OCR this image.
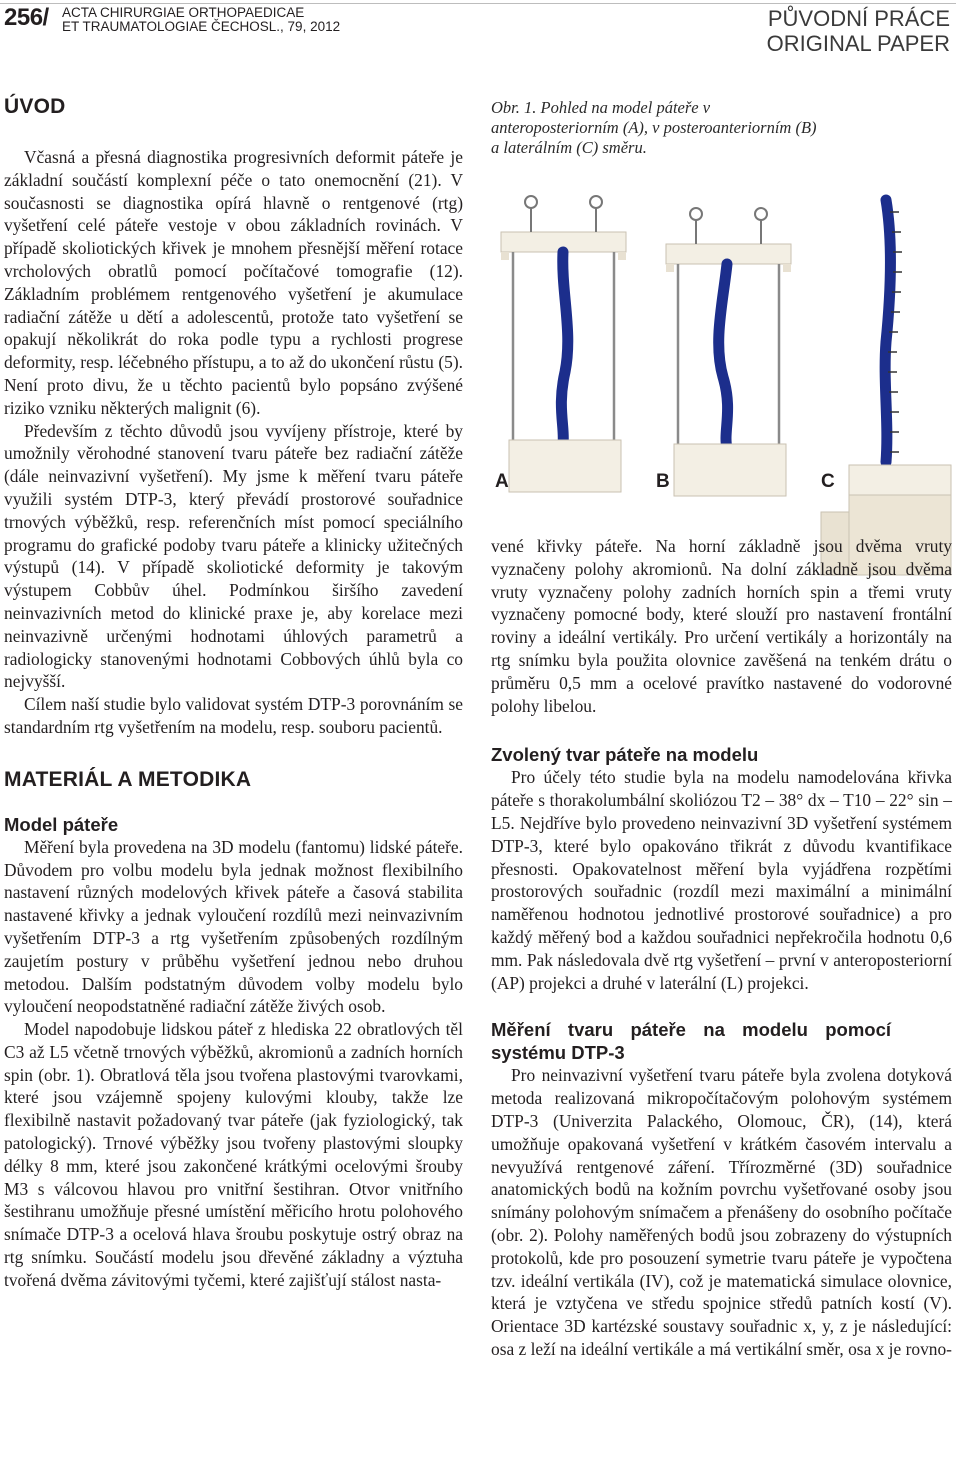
256/ ACTA CHIRURGIAE ORTHOPAEDICAE
ET TRAUMATOLOGIAE ČECHOSL., 79, 2012	PŮVODNÍ PRÁCE
ORIGINAL PAPER
ÚVOD

Včasná a přesná diagnostika progresivních deformit páteře je základní součástí komplexní péče o tato onemocnění (21). V současnosti se diagnostika opírá hlavně o rentgenové (rtg) vyšetření celé páteře vestoje v obou základních rovinách. V případě skoliotických křivek je mnohem přesnější měření rotace vrcholových obratlů pomocí počítačové tomografie (12). Základním problémem rentgenového vyšetření je akumulace radiační zátěže u dětí a adolescentů, protože tato vyšetření se opakují několikrát do roka podle typu a rychlosti progrese deformity, resp. léčebného přístupu, a to až do ukončení růstu (5). Není proto divu, že u těchto pacientů bylo popsáno zvýšené riziko vzniku některých malignit (6).

Především z těchto důvodů jsou vyvíjeny přístroje, které by umožnily věrohodné stanovení tvaru páteře bez radiační zátěže (dále neinvazivní vyšetření). My jsme k měření tvaru páteře využili systém DTP-3, který převádí prostorové souřadnice trnových výběžků, resp. referenčních míst pomocí speciálního programu do grafické podoby tvaru páteře a klinicky užitečných výstupů (14). V případě skoliotické deformity je takovým výstupem Cobbův úhel. Podmínkou širšího zavedení neinvazivních metod do klinické praxe je, aby korelace mezi neinvazivně určenými hodnotami úhlových parametrů a radiologicky stanovenými hodnotami Cobbových úhlů byla co nejvyšší.

Cílem naší studie bylo validovat systém DTP-3 porovnáním se standardním rtg vyšetřením na modelu, resp. souboru pacientů.

MATERIÁL A METODIKA
Model páteře

Měření byla provedena na 3D modelu (fantomu) lidské páteře. Důvodem pro volbu modelu byla jednak možnost flexibilního nastavení různých modelových křivek páteře a časová stabilita nastavené křivky a jednak vyloučení rozdílů mezi neinvazivním vyšetřením DTP-3 a rtg vyšetřením způsobených rozdílným zaujetím postury v průběhu vyšetření jednou nebo druhou metodou. Dalším podstatným důvodem volby modelu bylo vyloučení neopodstatněné radiační zátěže živých osob.

Model napodobuje lidskou páteř z hlediska 22 obratlových těl C3 až L5 včetně trnových výběžků, akromionů a zadních horních spin (obr. 1). Obratlová těla jsou tvořena plastovými tvarovkami, které jsou vzájemně spojeny kulovými klouby, takže lze flexibilně nastavit požadovaný tvar páteře (jak fyziologický, tak patologický). Trnové výběžky jsou tvořeny plastovými sloupky délky 8 mm, které jsou zakončené krátkými ocelovými šrouby M3 s válcovou hlavou pro vnitřní šestihran. Otvor vnitřního šestihranu umožňuje přesné umístění měřicího hrotu polohového snímače DTP-3 a ocelová hlava šroubu poskytuje ostrý obraz na rtg snímku. Součástí modelu jsou dřevěné základny a výztuha tvořená dvěma závitovými tyčemi, které zajišťují stálost nasta-

Obr. 1. Pohled na model páteře v anteroposteriorním (A), v posteroanteriorním (B) a laterálním (C) směru.
A	B	C

vené křivky páteře. Na horní základně jsou dvěma vruty vyznačeny polohy akromionů. Na dolní základně jsou dvěma vruty vyznačeny polohy zadních horních spin a třemi vruty vyznačeny pomocné body, které slouží pro nastavení frontální roviny a ideální vertikály. Pro určení vertikály a horizontály na rtg snímku byla použita olovnice zavěšená na tenkém drátu o průměru 0,5 mm a ocelové pravítko nastavené do vodorovné polohy libelou.

Zvolený tvar páteře na modelu

Pro účely této studie byla na modelu namodelována křivka páteře s thorakolumbální skoliózou T2 – 38° dx – T10 – 22° sin – L5. Nejdříve bylo provedeno neinvazivní 3D vyšetření systémem DTP-3, které bylo opakováno třikrát z důvodu kvantifikace přesnosti. Opakovatelnost měření byla vyjádřena rozpětími prostorových souřadnic (rozdíl mezi maximální a minimální naměřenou hodnotou jednotlivé prostorové souřadnice) a pro každý měřený bod a každou souřadnici nepřekročila hodnotu 0,6 mm. Pak následovala dvě rtg vyšetření – první v anteroposteriorní (AP) projekci a druhé v laterální (L) projekci.

Měření tvaru páteře na modelu pomocí systému DTP-3

Pro neinvazivní vyšetření tvaru páteře byla zvolena dotyková metoda realizovaná mikropočítačovým polohovým systémem DTP-3 (Univerzita Palackého, Olomouc, ČR), (14), která umožňuje opakovaná vyšetření v krátkém časovém intervalu a nevyužívá rentgenové záření. Třírozměrné (3D) souřadnice anatomických bodů na kožním povrchu vyšetřované osoby jsou snímány polohovým snímačem a přenášeny do osobního počítače (obr. 2). Polohy naměřených bodů jsou zobrazeny do výstupních protokolů, kde pro posouzení symetrie tvaru páteře je vypočtena tzv. ideální vertikála (IV), což je matematická simulace olovnice, která je vztyčena ve středu spojnice středů patních kostí (V). Orientace 3D kartézské soustavy souřadnic x, y, z je následující: osa z leží na ideální vertikále a má vertikální směr, osa x je rovno-
